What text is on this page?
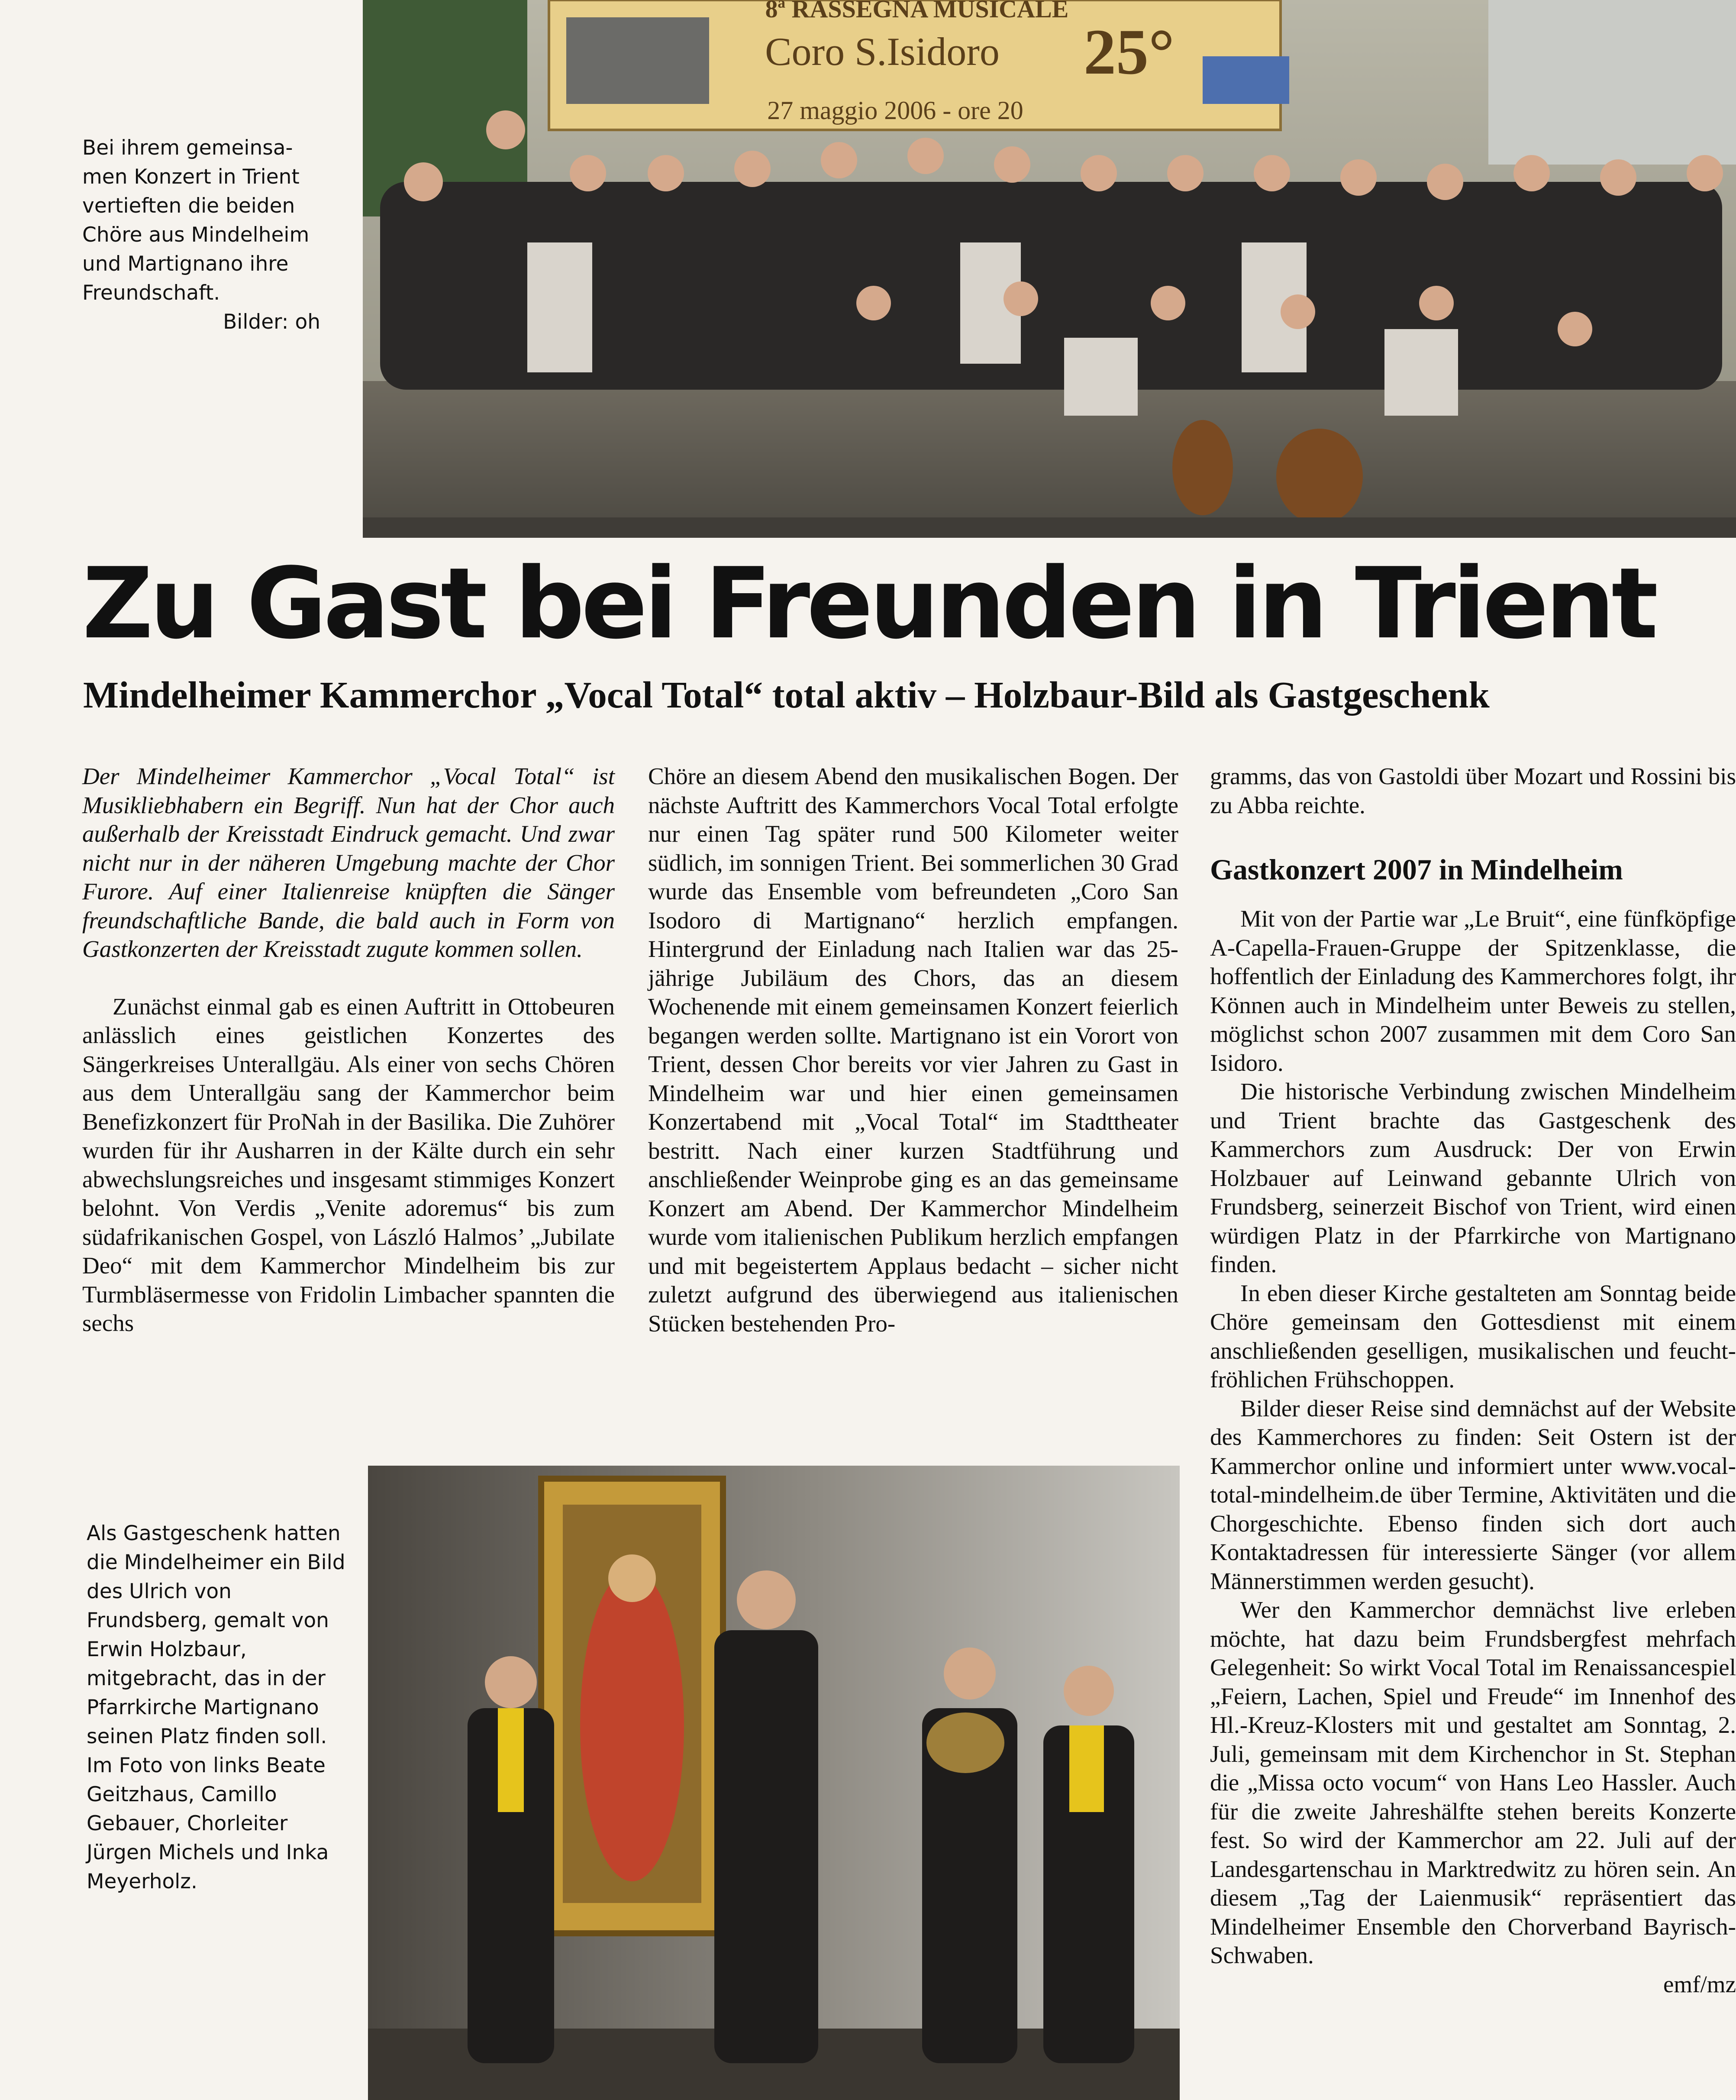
Bei ihrem gemeinsa-men Konzert in Trient vertieften die beiden Chöre aus Mindelheim und Martignano ihre Freundschaft.
Bilder: oh
8ª RASSEGNA MUSICALE
Coro S.Isidoro 25°
27 maggio 2006 - ore 20
Zu Gast bei Freunden in Trient
Mindelheimer Kammerchor „Vocal Total“ total aktiv – Holzbaur-Bild als Gastgeschenk

Der Mindelheimer Kammerchor „Vocal Total“ ist Musikliebhabern ein Begriff. Nun hat der Chor auch außerhalb der Kreisstadt Eindruck gemacht. Und zwar nicht nur in der näheren Umgebung machte der Chor Furore. Auf einer Italienreise knüpften die Sänger freundschaftliche Bande, die bald auch in Form von Gastkonzerten der Kreisstadt zugute kommen sollen.

Zunächst einmal gab es einen Auftritt in Ottobeuren anlässlich eines geistlichen Konzertes des Sängerkreises Unterallgäu. Als einer von sechs Chören aus dem Unterallgäu sang der Kammerchor beim Benefizkonzert für ProNah in der Basilika. Die Zuhörer wurden für ihr Ausharren in der Kälte durch ein sehr abwechslungsreiches und insgesamt stimmiges Konzert belohnt. Von Verdis „Venite adoremus“ bis zum südafrikanischen Gospel, von László Halmos’ „Jubilate Deo“ mit dem Kammerchor Mindelheim bis zur Turmbläsermesse von Fridolin Limbacher spannten die sechs

Chöre an diesem Abend den musikalischen Bogen. Der nächste Auftritt des Kammerchors Vocal Total erfolgte nur einen Tag später rund 500 Kilometer weiter südlich, im sonnigen Trient. Bei sommerlichen 30 Grad wurde das Ensemble vom befreundeten „Coro San Isodoro di Martignano“ herzlich empfangen. Hintergrund der Einladung nach Italien war das 25-jährige Jubiläum des Chors, das an diesem Wochenende mit einem gemeinsamen Konzert feierlich begangen werden sollte. Martignano ist ein Vorort von Trient, dessen Chor bereits vor vier Jahren zu Gast in Mindelheim war und hier einen gemeinsamen Konzertabend mit „Vocal Total“ im Stadttheater bestritt. Nach einer kurzen Stadtführung und anschließender Weinprobe ging es an das gemeinsame Konzert am Abend. Der Kammerchor Mindelheim wurde vom italienischen Publikum herzlich empfangen und mit begeistertem Applaus bedacht – sicher nicht zuletzt aufgrund des überwiegend aus italienischen Stücken bestehenden Pro-

gramms, das von Gastoldi über Mozart und Rossini bis zu Abba reichte.

Gastkonzert 2007 in Mindelheim

Mit von der Partie war „Le Bruit“, eine fünfköpfige A-Capella-Frauen-Gruppe der Spitzenklasse, die hoffentlich der Einladung des Kammerchores folgt, ihr Können auch in Mindelheim unter Beweis zu stellen, möglichst schon 2007 zusammen mit dem Coro San Isidoro.

Die historische Verbindung zwischen Mindelheim und Trient brachte das Gastgeschenk des Kammerchors zum Ausdruck: Der von Erwin Holzbauer auf Leinwand gebannte Ulrich von Frundsberg, seinerzeit Bischof von Trient, wird einen würdigen Platz in der Pfarrkirche von Martignano finden.

In eben dieser Kirche gestalteten am Sonntag beide Chöre gemeinsam den Gottesdienst mit einem anschließenden geselligen, musikalischen und feucht-fröhlichen Frühschoppen.

Bilder dieser Reise sind demnächst auf der Website des Kammerchores zu finden: Seit Ostern ist der Kammerchor online und informiert unter www.vocal-total-mindelheim.de über Termine, Aktivitäten und die Chorgeschichte. Ebenso finden sich dort auch Kontaktadressen für interessierte Sänger (vor allem Männerstimmen werden gesucht).

Wer den Kammerchor demnächst live erleben möchte, hat dazu beim Frundsbergfest mehrfach Gelegenheit: So wirkt Vocal Total im Renaissancespiel „Feiern, Lachen, Spiel und Freude“ im Innenhof des Hl.-Kreuz-Klosters mit und gestaltet am Sonntag, 2. Juli, gemeinsam mit dem Kirchenchor in St. Stephan die „Missa octo vocum“ von Hans Leo Hassler. Auch für die zweite Jahreshälfte stehen bereits Konzerte fest. So wird der Kammerchor am 22. Juli auf der Landesgartenschau in Marktredwitz zu hören sein. An diesem „Tag der Laienmusik“ repräsentiert das Mindelheimer Ensemble den Chorverband Bayrisch-Schwaben.

emf/mz

Als Gastgeschenk hatten die Mindelheimer ein Bild des Ulrich von Frundsberg, gemalt von Erwin Holzbaur, mitgebracht, das in der Pfarrkirche Martignano seinen Platz finden soll. Im Foto von links Beate Geitzhaus, Camillo Gebauer, Chorleiter Jürgen Michels und Inka Meyerholz.
